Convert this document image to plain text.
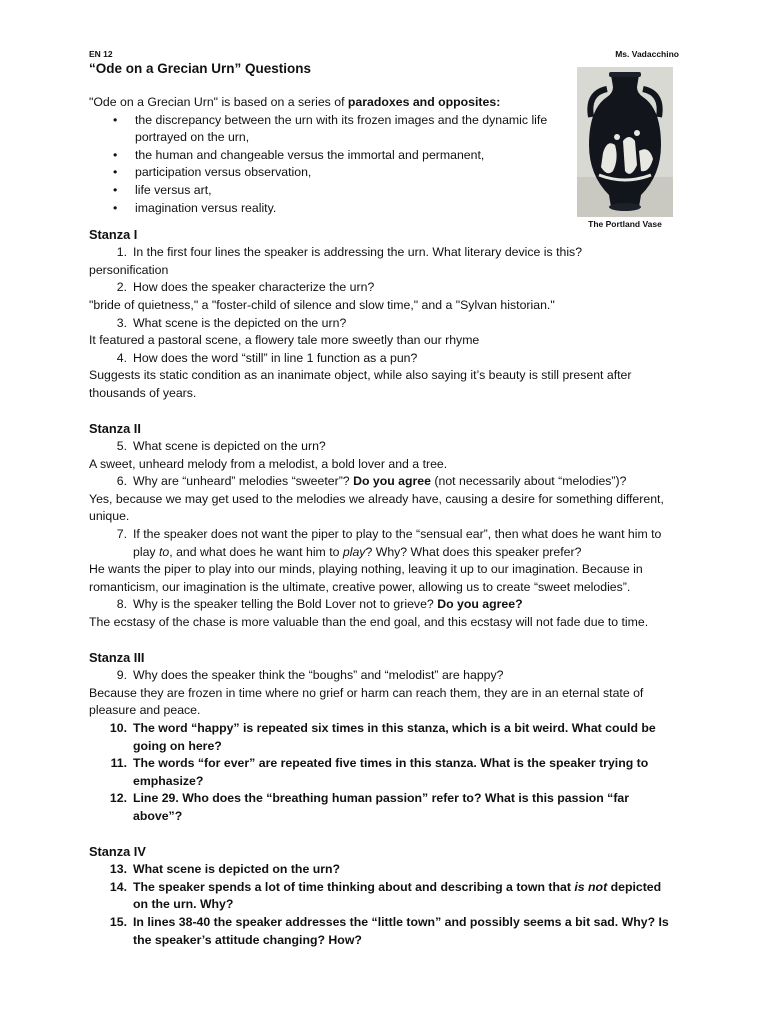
EN 12	Ms. Vadacchino
“Ode on a Grecian Urn” Questions
"Ode on a Grecian Urn" is based on a series of paradoxes and opposites:
• the discrepancy between the urn with its frozen images and the dynamic life portrayed on the urn,
• the human and changeable versus the immortal and permanent,
• participation versus observation,
• life versus art,
• imagination versus reality.
Stanza I
1. In the first four lines the speaker is addressing the urn. What literary device is this?
personification
2. How does the speaker characterize the urn?
"bride of quietness," a "foster-child of silence and slow time," and a "Sylvan historian."
3. What scene is the depicted on the urn?
It featured a pastoral scene, a flowery tale more sweetly than our rhyme
4. How does the word “still” in line 1 function as a pun?
Suggests its static condition as an inanimate object, while also saying it’s beauty is still present after thousands of years.
Stanza II
5. What scene is depicted on the urn?
A sweet, unheard melody from a melodist, a bold lover and a tree.
6. Why are “unheard” melodies “sweeter”? Do you agree (not necessarily about “melodies”)?
Yes, because we may get used to the melodies we already have, causing a desire for something different, unique.
7. If the speaker does not want the piper to play to the “sensual ear”, then what does he want him to play to, and what does he want him to play? Why? What does this speaker prefer?
He wants the piper to play into our minds, playing nothing, leaving it up to our imagination. Because in romanticism, our imagination is the ultimate, creative power, allowing us to create “sweet melodies”.
8. Why is the speaker telling the Bold Lover not to grieve? Do you agree?
The ecstasy of the chase is more valuable than the end goal, and this ecstasy will not fade due to time.
Stanza III
9. Why does the speaker think the “boughs” and “melodist” are happy?
Because they are frozen in time where no grief or harm can reach them, they are in an eternal state of pleasure and peace.
10. The word “happy” is repeated six times in this stanza, which is a bit weird. What could be going on here?
11. The words “for ever” are repeated five times in this stanza. What is the speaker trying to emphasize?
12. Line 29. Who does the “breathing human passion” refer to? What is this passion “far above”?
Stanza IV
13. What scene is depicted on the urn?
14. The speaker spends a lot of time thinking about and describing a town that is not depicted on the urn. Why?
15. In lines 38-40 the speaker addresses the “little town” and possibly seems a bit sad. Why? Is the speaker’s attitude changing? How?
The Portland Vase
